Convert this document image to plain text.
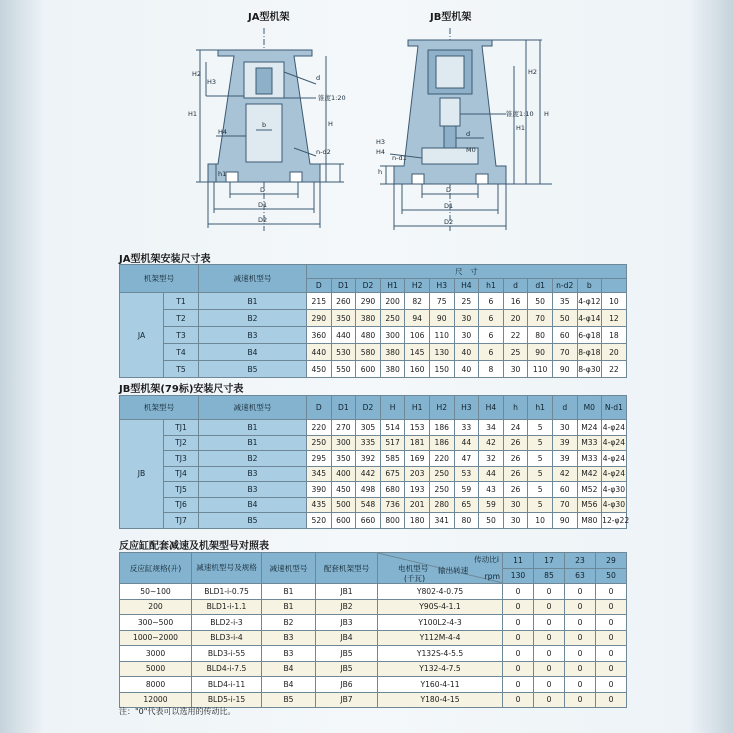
JA型机架
d
锥度1:20
b
n-d2
D
D1
D2
H1
H2
H3
H4
h1
H
JB型机架
锥度1:10
M0
n-d1
h
d
D
D1
D2
H
H1
H2
H3
H4
JA型机架安装尺寸表
机架型号		减速机型号	尺　寸												
			D	D1	D2	H1	H2	H3	H4	h1	d	d1	n-d2	b	
JA	T1	B1	215	260	290	200	82	75	25	6	16	50	35	4-φ12	10
	T2	B2	290	350	380	250	94	90	30	6	20	70	50	4-φ14	12
	T3	B3	360	440	480	300	106	110	30	6	22	80	60	6-φ18	18
	T4	B4	440	530	580	380	145	130	40	6	25	90	70	8-φ18	20
	T5	B5	450	550	600	380	160	150	40	8	30	110	90	8-φ30	22
JB型机架(79标)安装尺寸表
机架型号		减速机型号	D	D1	D2	H	H1	H2	H3	H4	h	h1	d	M0	N-d1
JB	TJ1	B1	220	270	305	514	153	186	33	34	24	5	30	M24	4-φ24
	TJ2	B1	250	300	335	517	181	186	44	42	26	5	39	M33	4-φ24
	TJ3	B2	295	350	392	585	169	220	47	32	26	5	39	M33	4-φ24
	TJ4	B3	345	400	442	675	203	250	53	44	26	5	42	M42	4-φ24
	TJ5	B3	390	450	498	680	193	250	59	43	26	5	60	M52	4-φ30
	TJ6	B4	435	500	548	736	201	280	65	59	30	5	70	M56	4-φ30
	TJ7	B5	520	600	660	800	180	341	80	50	30	10	90	M80	12-φ22
反应缸配套减速及机架型号对照表
反应缸规格(升)	减速机型号及规格	减速机型号	配套机架型号	传动比i
电机型号 输出转速
(千瓦) rpm	11	17	23	29
					130	85	63	50
50~100	BLD1-i-0.75	B1	JB1	Y802-4-0.75	0	0	0	0
200	BLD1-i-1.1	B1	JB2	Y90S-4-1.1	0	0	0	0
300~500	BLD2-i-3	B2	JB3	Y100L2-4-3	0	0	0	0
1000~2000	BLD3-i-4	B3	JB4	Y112M-4-4	0	0	0	0
3000	BLD3-i-55	B3	JB5	Y132S-4-5.5	0	0	0	0
5000	BLD4-i-7.5	B4	JB5	Y132-4-7.5	0	0	0	0
8000	BLD4-i-11	B4	JB6	Y160-4-11	0	0	0	0
12000	BLD5-i-15	B5	JB7	Y180-4-15	0	0	0	0
注："0"代表可以选用的传动比。
